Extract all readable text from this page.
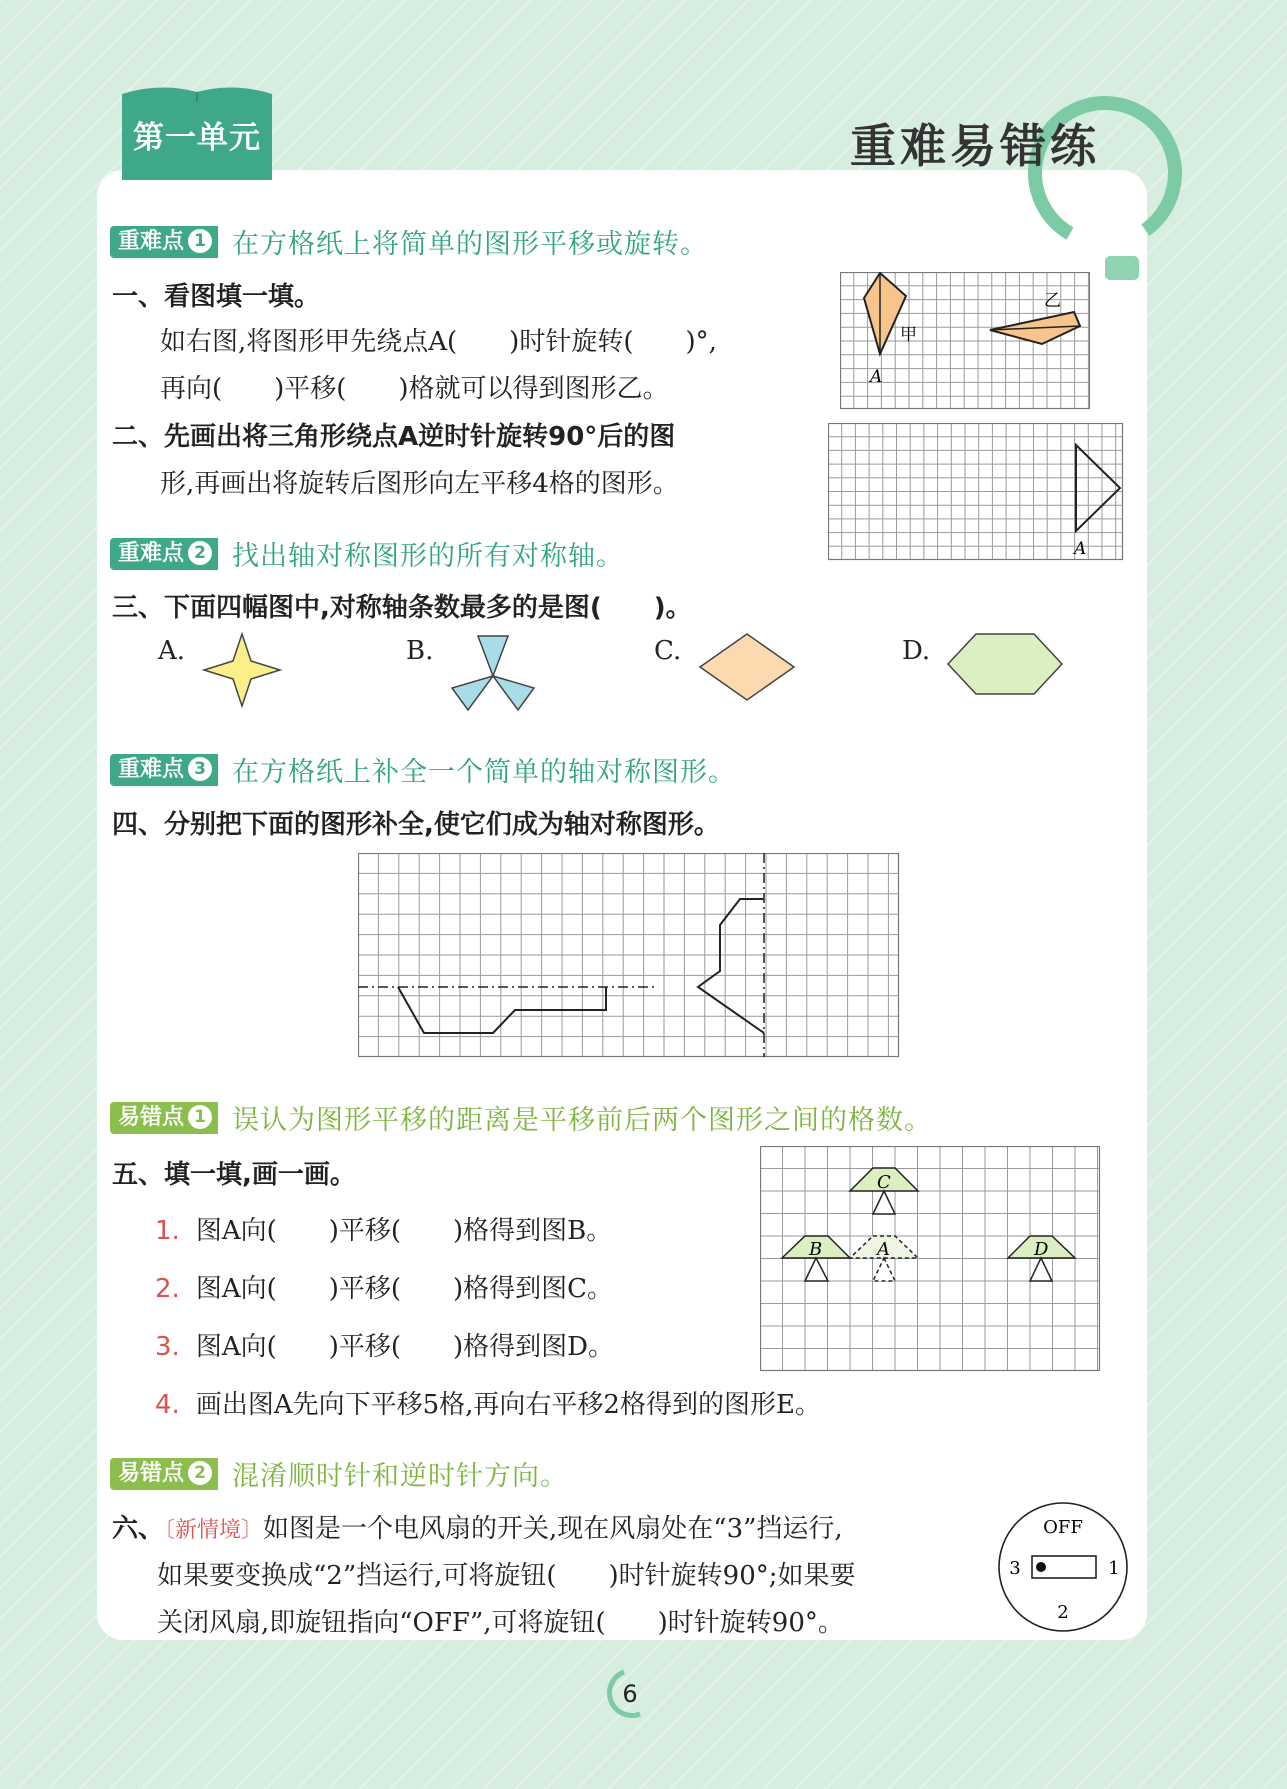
第一单元	重难易错练
重难点 1 在方格纸上将简单的图形平移或旋转。
一、看图填一填。
如右图,将图形甲先绕点A(　　)时针旋转(　　)°,
再向(　　)平移(　　)格就可以得到图形乙。
甲
乙
A
二、先画出将三角形绕点A逆时针旋转90°后的图
形,再画出将旋转后图形向左平移4格的图形。
A
重难点 2 找出轴对称图形的所有对称轴。
三、下面四幅图中,对称轴条数最多的是图(　　)。
A.	B.	C.	D.
重难点 3 在方格纸上补全一个简单的轴对称图形。
四、分别把下面的图形补全,使它们成为轴对称图形。
易错点 1 误认为图形平移的距离是平移前后两个图形之间的格数。
五、填一填,画一画。
1. 图A向(　　)平移(　　)格得到图B。
2. 图A向(　　)平移(　　)格得到图C。
3. 图A向(　　)平移(　　)格得到图D。
4. 画出图A先向下平移5格,再向右平移2格得到的图形E。
C
B	A	D
易错点 2 混淆顺时针和逆时针方向。
六、〔新情境〕如图是一个电风扇的开关,现在风扇处在“3”挡运行,
如果要变换成“2”挡运行,可将旋钮(　　)时针旋转90°;如果要
关闭风扇,即旋钮指向“OFF”,可将旋钮(　　)时针旋转90°。
OFF
1
2
3
6
